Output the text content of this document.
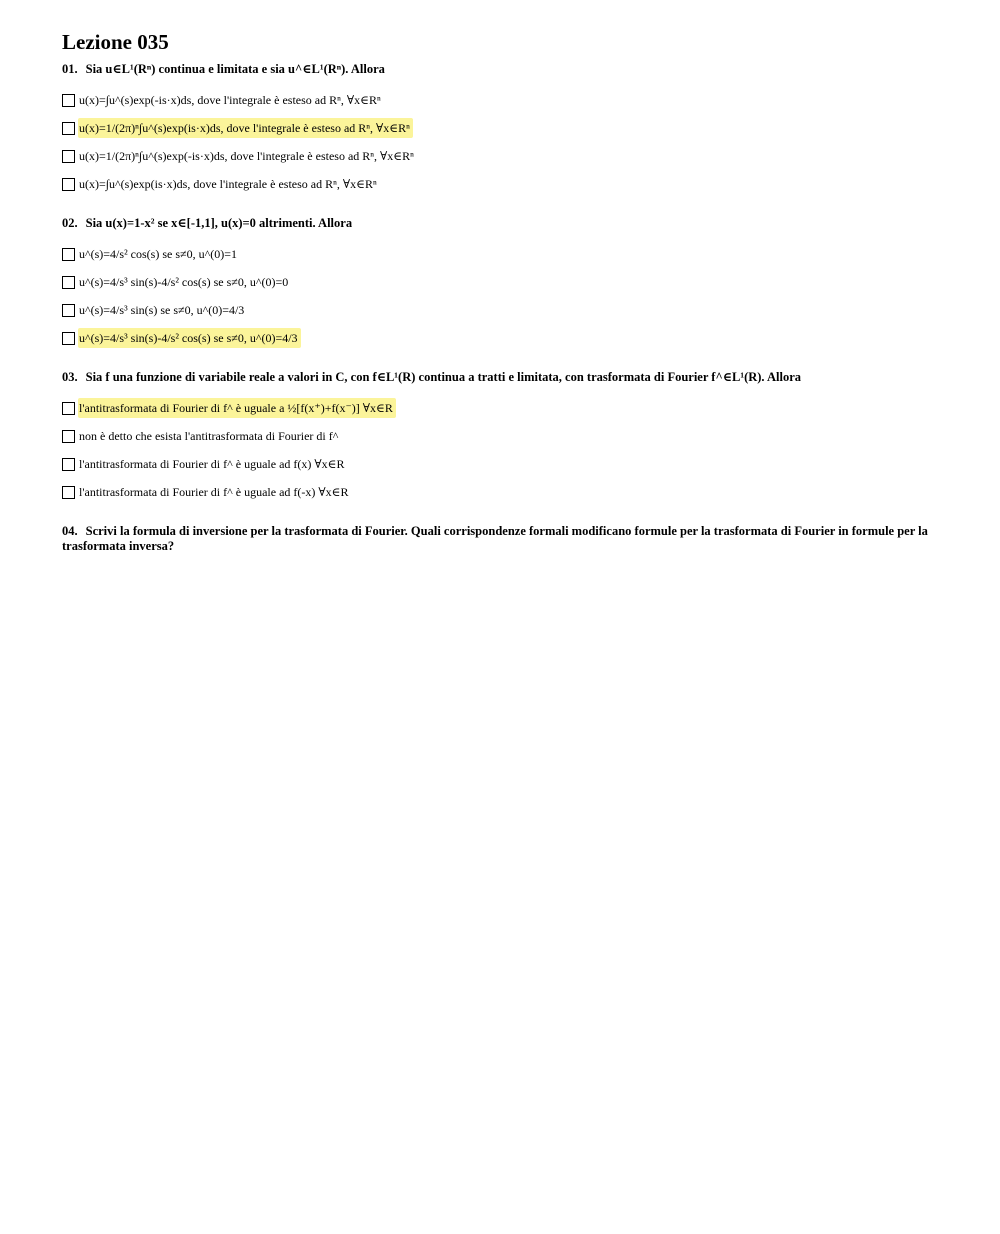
Lezione 035
01. Sia u∈L¹(Rⁿ) continua e limitata e sia u^∈L¹(Rⁿ). Allora
u(x)=∫u^(s)exp(-is·x)ds, dove l'integrale è esteso ad Rⁿ, ∀x∈Rⁿ
u(x)=1/(2π)ⁿ∫u^(s)exp(is·x)ds, dove l'integrale è esteso ad Rⁿ, ∀x∈Rⁿ
u(x)=1/(2π)ⁿ∫u^(s)exp(-is·x)ds, dove l'integrale è esteso ad Rⁿ, ∀x∈Rⁿ
u(x)=∫u^(s)exp(is·x)ds, dove l'integrale è esteso ad Rⁿ, ∀x∈Rⁿ
02. Sia u(x)=1-x² se x∈[-1,1], u(x)=0 altrimenti. Allora
u^(s)=4/s² cos(s) se s≠0, u^(0)=1
u^(s)=4/s³ sin(s)-4/s² cos(s) se s≠0, u^(0)=0
u^(s)=4/s³ sin(s) se s≠0, u^(0)=4/3
u^(s)=4/s³ sin(s)-4/s² cos(s) se s≠0, u^(0)=4/3
03. Sia f una funzione di variabile reale a valori in C, con f∈L¹(R) continua a tratti e limitata, con trasformata di Fourier f^∈L¹(R). Allora
l'antitrasformata di Fourier di f^ è uguale a ½[f(x⁺)+f(x⁻)] ∀x∈R
non è detto che esista l'antitrasformata di Fourier di f^
l'antitrasformata di Fourier di f^ è uguale ad f(x) ∀x∈R
l'antitrasformata di Fourier di f^ è uguale ad f(-x) ∀x∈R
04. Scrivi la formula di inversione per la trasformata di Fourier. Quali corrispondenze formali modificano formule per la trasformata di Fourier in formule per la trasformata inversa?
